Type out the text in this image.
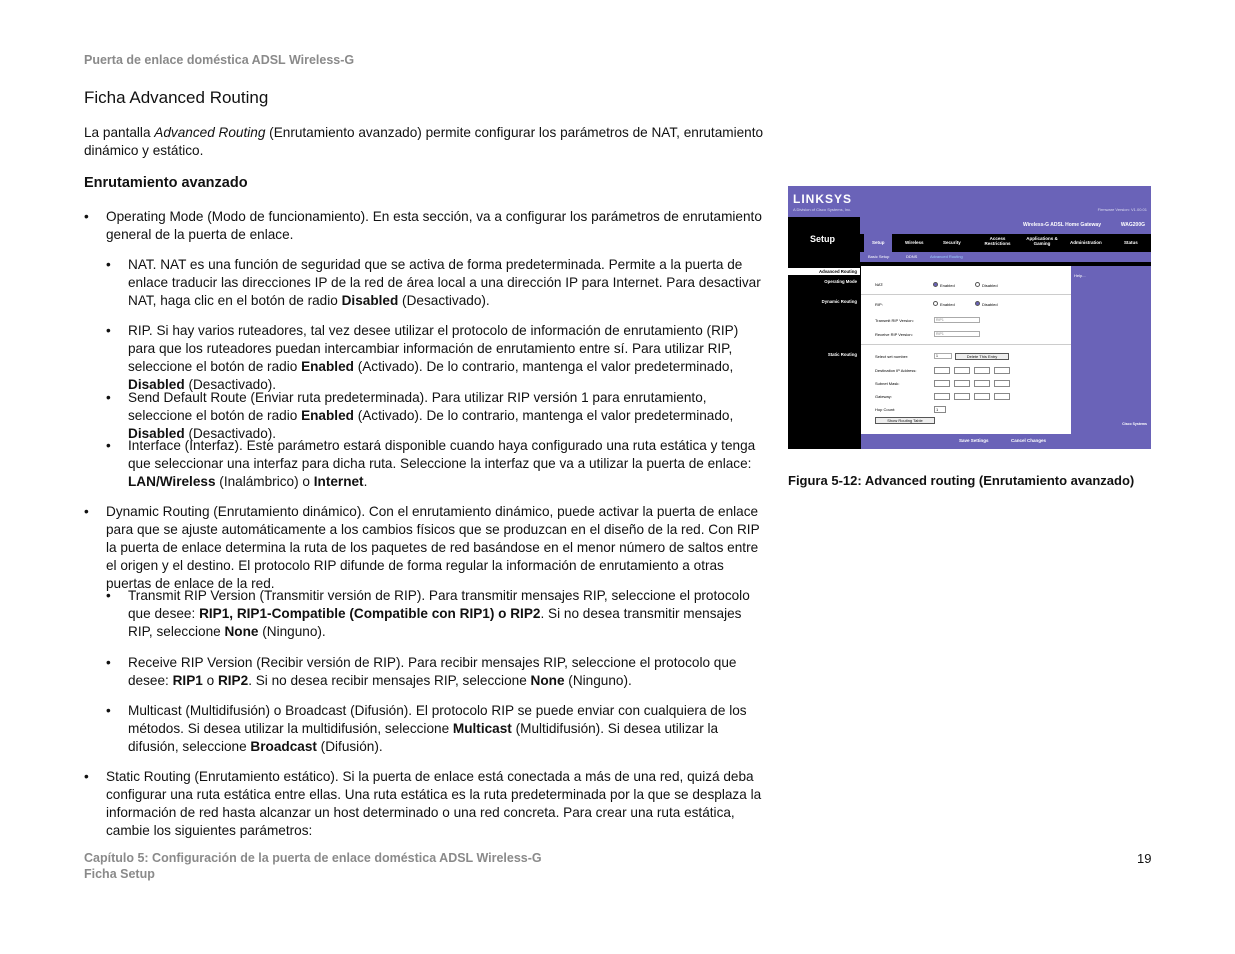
Puerta de enlace doméstica ADSL Wireless-G
Ficha Advanced Routing
La pantalla Advanced Routing (Enrutamiento avanzado) permite configurar los parámetros de NAT, enrutamiento dinámico y estático.
Enrutamiento avanzado
•	Operating Mode (Modo de funcionamiento). En esta sección, va a configurar los parámetros de enrutamiento general de la puerta de enlace.
•	NAT. NAT es una función de seguridad que se activa de forma predeterminada. Permite a la puerta de enlace traducir las direcciones IP de la red de área local a una dirección IP para Internet. Para desactivar NAT, haga clic en el botón de radio Disabled (Desactivado).
•	RIP. Si hay varios ruteadores, tal vez desee utilizar el protocolo de información de enrutamiento (RIP) para que los ruteadores puedan intercambiar información de enrutamiento entre sí. Para utilizar RIP, seleccione el botón de radio Enabled (Activado). De lo contrario, mantenga el valor predeterminado, Disabled (Desactivado).
•	Send Default Route (Enviar ruta predeterminada). Para utilizar RIP versión 1 para enrutamiento, seleccione el botón de radio Enabled (Activado). De lo contrario, mantenga el valor predeterminado, Disabled (Desactivado).
•	Interface (Interfaz). Este parámetro estará disponible cuando haya configurado una ruta estática y tenga que seleccionar una interfaz para dicha ruta. Seleccione la interfaz que va a utilizar la puerta de enlace: LAN/Wireless (Inalámbrico) o Internet.
•	Dynamic Routing (Enrutamiento dinámico). Con el enrutamiento dinámico, puede activar la puerta de enlace para que se ajuste automáticamente a los cambios físicos que se produzcan en el diseño de la red. Con RIP la puerta de enlace determina la ruta de los paquetes de red basándose en el menor número de saltos entre el origen y el destino. El protocolo RIP difunde de forma regular la información de enrutamiento a otras puertas de enlace de la red.
•	Transmit RIP Version (Transmitir versión de RIP). Para transmitir mensajes RIP, seleccione el protocolo que desee: RIP1, RIP1-Compatible (Compatible con RIP1) o RIP2. Si no desea transmitir mensajes RIP, seleccione None (Ninguno).
•	Receive RIP Version (Recibir versión de RIP). Para recibir mensajes RIP, seleccione el protocolo que desee: RIP1 o RIP2. Si no desea recibir mensajes RIP, seleccione None (Ninguno).
•	Multicast (Multidifusión) o Broadcast (Difusión). El protocolo RIP se puede enviar con cualquiera de los métodos. Si desea utilizar la multidifusión, seleccione Multicast (Multidifusión). Si desea utilizar la difusión, seleccione Broadcast (Difusión).
•	Static Routing (Enrutamiento estático). Si la puerta de enlace está conectada a más de una red, quizá deba configurar una ruta estática entre ellas. Una ruta estática es la ruta predeterminada por la que se desplaza la información de red hasta alcanzar un host determinado o una red concreta. Para crear una ruta estática, cambie los siguientes parámetros:
LINKSYS
A Division of Cisco Systems, Inc.	Firmware Version: V1.00.01
Wireless-G ADSL Home Gateway	WAG200G
Setup	Setup	Wireless	Security
Access Restrictions
Applications & Gaming	Administration	Status
Basic Setup	DDNS	Advanced Routing
Advanced Routing
Operating Mode
Dynamic Routing
Static Routing
NAT:	Enabled	Disabled
RIP:	Enabled	Disabled
Transmit RIP Version:	RIP1
Receive RIP Version:	RIP1
Select set number:	1	Delete This Entry
Destination IP Address:
Subnet Mask:
Gateway:
Hop Count:	1
Show Routing Table
Help...
Save Settings	Cancel Changes
Cisco Systems
Figura 5-12: Advanced routing (Enrutamiento avanzado)
Capítulo 5: Configuración de la puerta de enlace doméstica ADSL Wireless-G
Ficha Setup
19
